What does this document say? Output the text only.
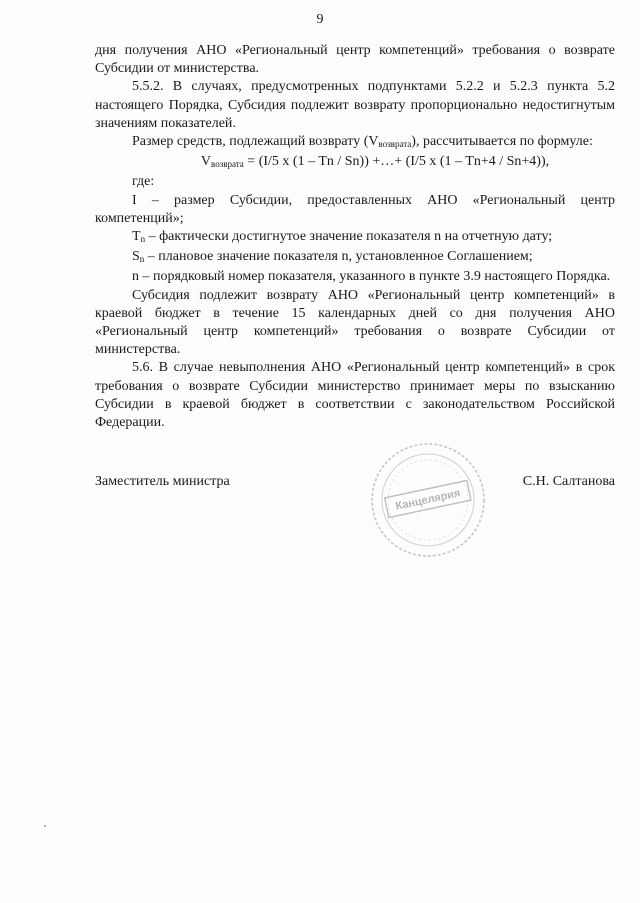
9

дня получения АНО «Региональный центр компетенций» требования о возврате Субсидии от министерства.

5.5.2. В случаях, предусмотренных подпунктами 5.2.2 и 5.2.3 пункта 5.2 настоящего Порядка, Субсидия подлежит возврату пропорционально недостигнутым значениям показателей.

Размер средств, подлежащий возврату (Vвозврата), рассчитывается по формуле:

$V_{возврата} = (I/5$ x (1 – Tn / Sn)) +…+ (I/5 x (1 – Tn+4 / Sn+4)),

где:

I – размер Субсидии, предоставленных АНО «Региональный центр компетенций»;

Tn – фактически достигнутое значение показателя n на отчетную дату;

Sn – плановое значение показателя n, установленное Соглашением;

n – порядковый номер показателя, указанного в пункте 3.9 настоящего Порядка.

Субсидия подлежит возврату АНО «Региональный центр компетенций» в краевой бюджет в течение 15 календарных дней со дня получения АНО «Региональный центр компетенций» требования о возврате Субсидии от министерства.

5.6. В случае невыполнения АНО «Региональный центр компетенций» в срок требования о возврате Субсидии министерство принимает меры по взысканию Субсидии в краевой бюджет в соответствии с законодательством Российской Федерации.

Заместитель министра	С.Н. Салтанова
Канцелярия
